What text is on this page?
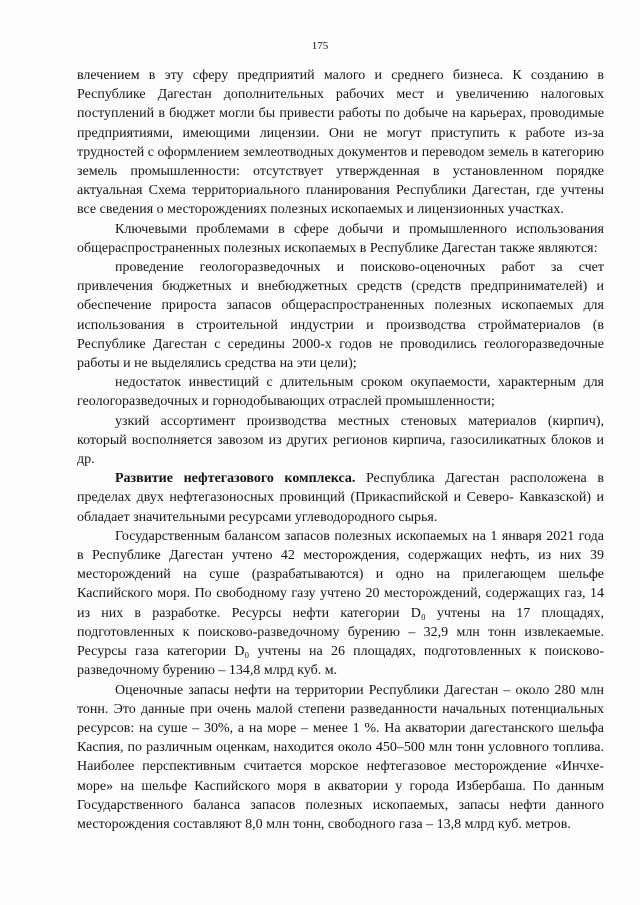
175

влечением в эту сферу предприятий малого и среднего бизнеса. К созданию в Республике Дагестан дополнительных рабочих мест и увеличению налоговых поступлений в бюджет могли бы привести работы по добыче на карьерах, проводимые предприятиями, имеющими лицензии. Они не могут приступить к работе из-за трудностей с оформлением землеотводных документов и переводом земель в категорию земель промышленности: отсутствует утвержденная в установленном порядке актуальная Схема территориального планирования Республики Дагестан, где учтены все сведения о месторождениях полезных ископаемых и лицензионных участках.

Ключевыми проблемами в сфере добычи и промышленного использования общераспространенных полезных ископаемых в Республике Дагестан также являются:

проведение геологоразведочных и поисково-оценочных работ за счет привлечения бюджетных и внебюджетных средств (средств предпринимателей) и обеспечение прироста запасов общераспространенных полезных ископаемых для использования в строительной индустрии и производства стройматериалов (в Республике Дагестан с середины 2000-х годов не проводились геологоразведочные работы и не выделялись средства на эти цели);

недостаток инвестиций с длительным сроком окупаемости, характерным для геологоразведочных и горнодобывающих отраслей промышленности;

узкий ассортимент производства местных стеновых материалов (кирпич), который восполняется завозом из других регионов кирпича, газосиликатных блоков и др.

Развитие нефтегазового комплекса. Республика Дагестан расположена в пределах двух нефтегазоносных провинций (Прикаспийской и Северо- Кавказской) и обладает значительными ресурсами углеводородного сырья.

Государственным балансом запасов полезных ископаемых на 1 января 2021 года в Республике Дагестан учтено 42 месторождения, содержащих нефть, из них 39 месторождений на суше (разрабатываются) и одно на прилегающем шельфе Каспийского моря. По свободному газу учтено 20 месторождений, содержащих газ, 14 из них в разработке. Ресурсы нефти категории D₀ учтены на 17 площадях, подготовленных к поисково-разведочному бурению – 32,9 млн тонн извлекаемые. Ресурсы газа категории D₀ учтены на 26 площадях, подготовленных к поисково-разведочному бурению – 134,8 млрд куб. м.

Оценочные запасы нефти на территории Республики Дагестан – около 280 млн тонн. Это данные при очень малой степени разведанности начальных потенциальных ресурсов: на суше – 30%, а на море – менее 1 %. На акватории дагестанского шельфа Каспия, по различным оценкам, находится около 450–500 млн тонн условного топлива. Наиболее перспективным считается морское нефтегазовое месторождение «Инчхе-море» на шельфе Каспийского моря в акватории у города Избербаша. По данным Государственного баланса запасов полезных ископаемых, запасы нефти данного месторождения составляют 8,0 млн тонн, свободного газа – 13,8 млрд куб. метров.
